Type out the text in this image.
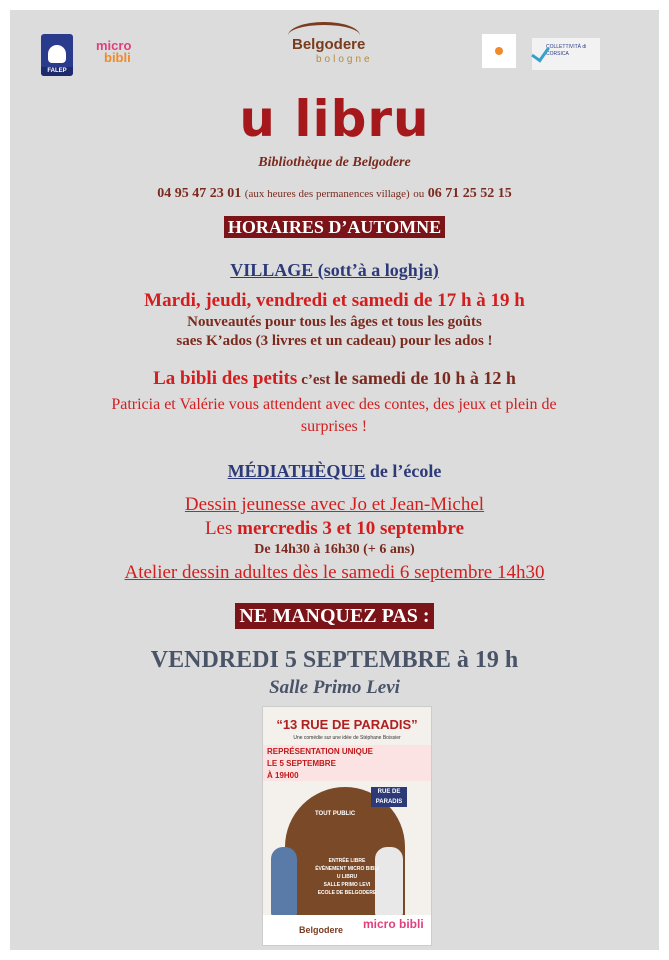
FALEP
micro
bibli
Belgodere
bologne
COLLETTIVITÀ di CORSICA
u libru
Bibliothèque de Belgodere
04 95 47 23 01 (aux heures des permanences village) ou 06 71 25 52 15
HORAIRES D’AUTOMNE
VILLAGE (sott’à a loghja)
Mardi, jeudi, vendredi et samedi de 17 h à 19 h
Nouveautés pour tous les âges et tous les goûts
saes K’ados (3 livres et un cadeau) pour les ados !
La bibli des petits c’est le samedi de 10 h à 12 h
Patricia et Valérie vous attendent avec des contes, des jeux et plein de surprises !
MÉDIATHÈQUE de l’école
Dessin jeunesse avec Jo et Jean-Michel
Les mercredis 3 et 10 septembre
De 14h30 à 16h30 (+ 6 ans)
Atelier dessin adultes dès le samedi 6 septembre 14h30
NE MANQUEZ PAS :
VENDREDI 5 SEPTEMBRE à 19 h
Salle Primo Levi
“13 RUE DE PARADIS”
Une comédie sur une idée de Stéphane Boissier
REPRÉSENTATION UNIQUE
LE 5 SEPTEMBRE
À 19H00
RUE DE PARADIS
TOUT PUBLIC
ENTRÉE LIBRE
ÉVÈNEMENT MICRO BIBLI
U LIBRU
SALLE PRIMO LEVI
ECOLE DE BELGODERE
Belgodere micro bibli
